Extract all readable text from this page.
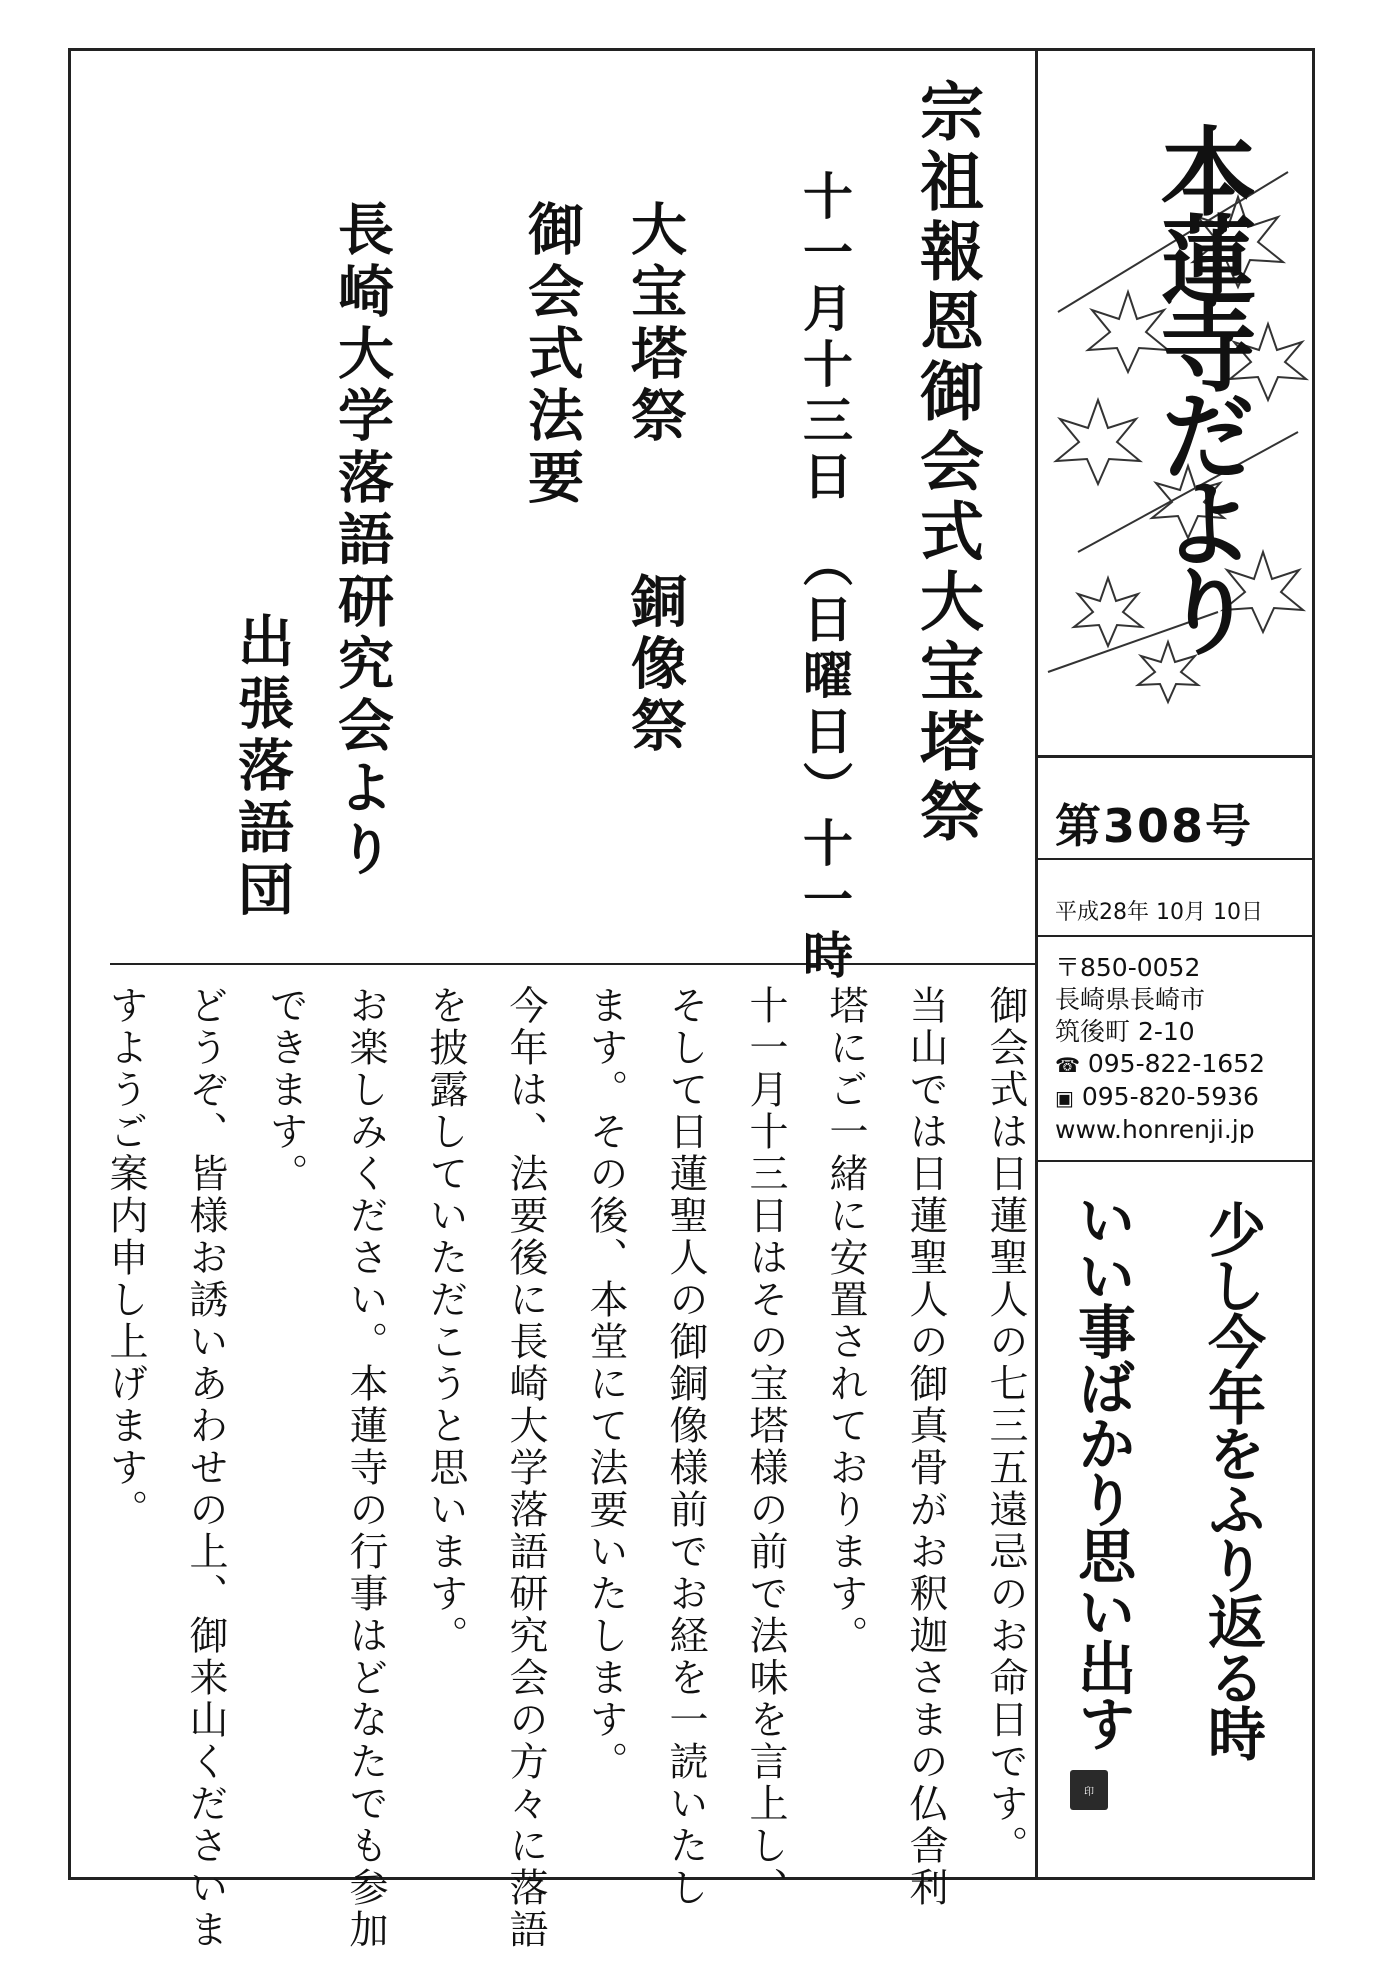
本蓮寺だより

第308号
平成28年 10月 10日
〒850-0052
長崎県長崎市
筑後町 2-10
☎ 095-822-1652
▣ 095-820-5936
www.honrenji.jp

少し今年をふり返る時

いい事ばかり思い出す

印

宗祖報恩御会式大宝塔祭

十一月十三日　（日曜日）十一時

大宝塔祭　　銅像祭

御会式法要

長崎大学落語研究会より

出張落語団

御会式は日蓮聖人の七三五遠忌のお命日です。

当山では日蓮聖人の御真骨がお釈迦さまの仏舎利

塔にご一緒に安置されております。

十一月十三日はその宝塔様の前で法味を言上し、

そして日蓮聖人の御銅像様前でお経を一読いたし

ます。その後、本堂にて法要いたします。

今年は、法要後に長崎大学落語研究会の方々に落語

を披露していただこうと思います。

お楽しみください。本蓮寺の行事はどなたでも参加

できます。

どうぞ、皆様お誘いあわせの上、御来山くださいま

すようご案内申し上げます。
